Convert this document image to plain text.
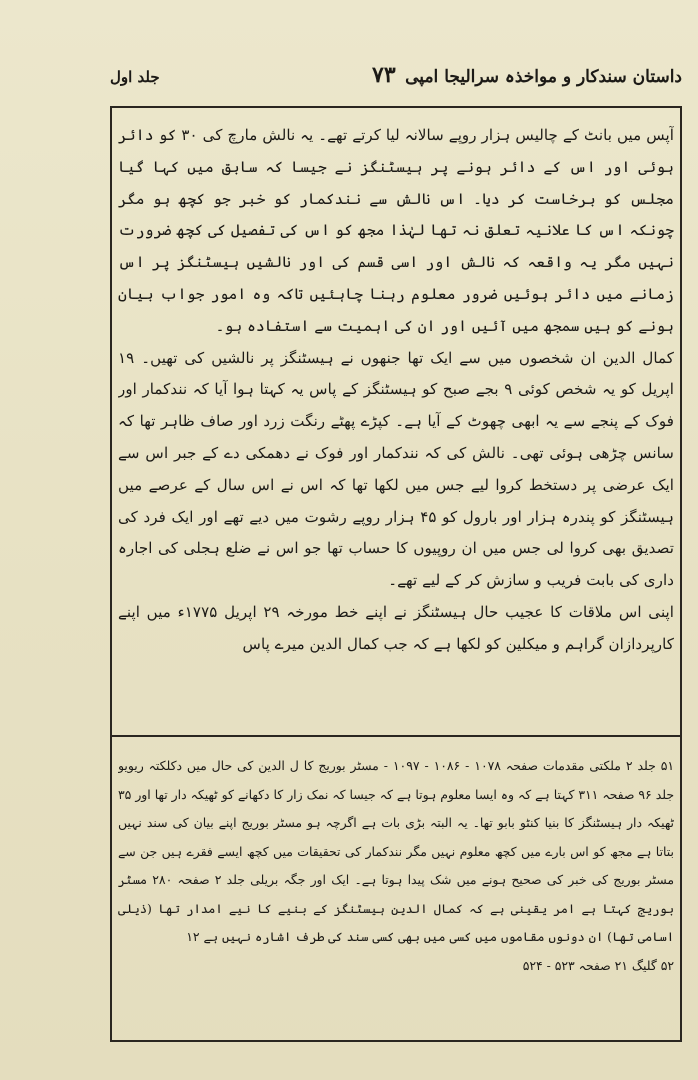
داستان سندکار و مواخذہ سرالیجا امپی
۷۳
جلد اول

آپس میں بانٹ کے چالیس ہزار روپے سالانہ لیا کرتے تھے۔ یہ نالش مارچ کی ۳۰ کو دائر ہوئی اور اس کے دائر ہونے پر ہیسٹنگز نے جیسا کہ سابق میں کہا گیا مجلس کو برخاست کر دیا۔ اس نالش سے نندکمار کو خبر جو کچھ ہو مگر چونکہ اس کا علانیہ تعلق نہ تھا لہٰذا مجھ کو اس کی تفصیل کی کچھ ضرورت نہیں مگر یہ واقعہ کہ نالش اور اسی قسم کی اور نالشیں ہیسٹنگز پر اس زمانے میں دائر ہوئیں ضرور معلوم رہنا چاہئیں تاکہ وہ امور جواب بیان ہونے کو ہیں سمجھ میں آئیں اور ان کی اہمیت سے استفادہ ہو۔

کمال الدین ان شخصوں میں سے ایک تھا جنھوں نے ہیسٹنگز پر نالشیں کی تھیں۔ ۱۹ اپریل کو یہ شخص کوئی ۹ بجے صبح کو ہیسٹنگز کے پاس یہ کہتا ہوا آیا کہ نندکمار اور فوک کے پنجے سے یہ ابھی چھوٹ کے آیا ہے۔ کپڑے پھٹے رنگت زرد اور صاف ظاہر تھا کہ سانس چڑھی ہوئی تھی۔ نالش کی کہ نندکمار اور فوک نے دھمکی دے کے جبر اس سے ایک عرضی پر دستخط کروا لیے جس میں لکھا تھا کہ اس نے اس سال کے عرصے میں ہیسٹنگز کو پندرہ ہزار اور بارول کو ۴۵ ہزار روپے رشوت میں دیے تھے اور ایک فرد کی تصدیق بھی کروا لی جس میں ان روپیوں کا حساب تھا جو اس نے ضلع ہجلی کی اجارہ داری کی بابت فریب و سازش کر کے لیے تھے۔

اپنی اس ملاقات کا عجیب حال ہیسٹنگز نے اپنے خط مورخہ ۲۹ اپریل ۱۷۷۵ء میں اپنے کارپردازان گراہم و میکلین کو لکھا ہے کہ جب کمال الدین میرے پاس

۵۱ جلد ۲ ملکتی مقدمات صفحہ ۱۰۷۸ - ۱۰۸۶ - ۱۰۹۷ - مسٹر بوریج کا ل الدین کی حال میں دکلکتہ ریویو جلد ۹۶ صفحہ ۳۱۱ کہتا ہے کہ وہ ایسا معلوم ہوتا ہے کہ جیسا کہ نمک زار کا دکھانے کو ٹھیکہ دار تھا اور ۳۵ ٹھیکہ دار ہیسٹنگز کا بنیا کنٹو بابو تھا۔ یہ البتہ بڑی بات ہے اگرچہ ہو مسٹر بوریج اپنے بیان کی سند نہیں بتاتا ہے مجھ کو اس بارے میں کچھ معلوم نہیں مگر نندکمار کی تحقیقات میں کچھ ایسے فقرے ہیں جن سے مسٹر بوریج کی خبر کی صحیح ہونے میں شک پیدا ہوتا ہے۔ ایک اور جگہ بریلی جلد ۲ صفحہ ۲۸۰ مسٹر بوریج کہتا ہے امر یقینی ہے کہ کمال الدین ہیسٹنگز کے بنیے کا نیے امدار تھا (ذیلی اسامی تھا) ان دونوں مقاموں میں کسی میں بھی کسی سند کی طرف اشارہ نہیں ہے ۱۲

۵۲ گلیگ ۲۱ صفحہ ۵۲۳ - ۵۲۴
